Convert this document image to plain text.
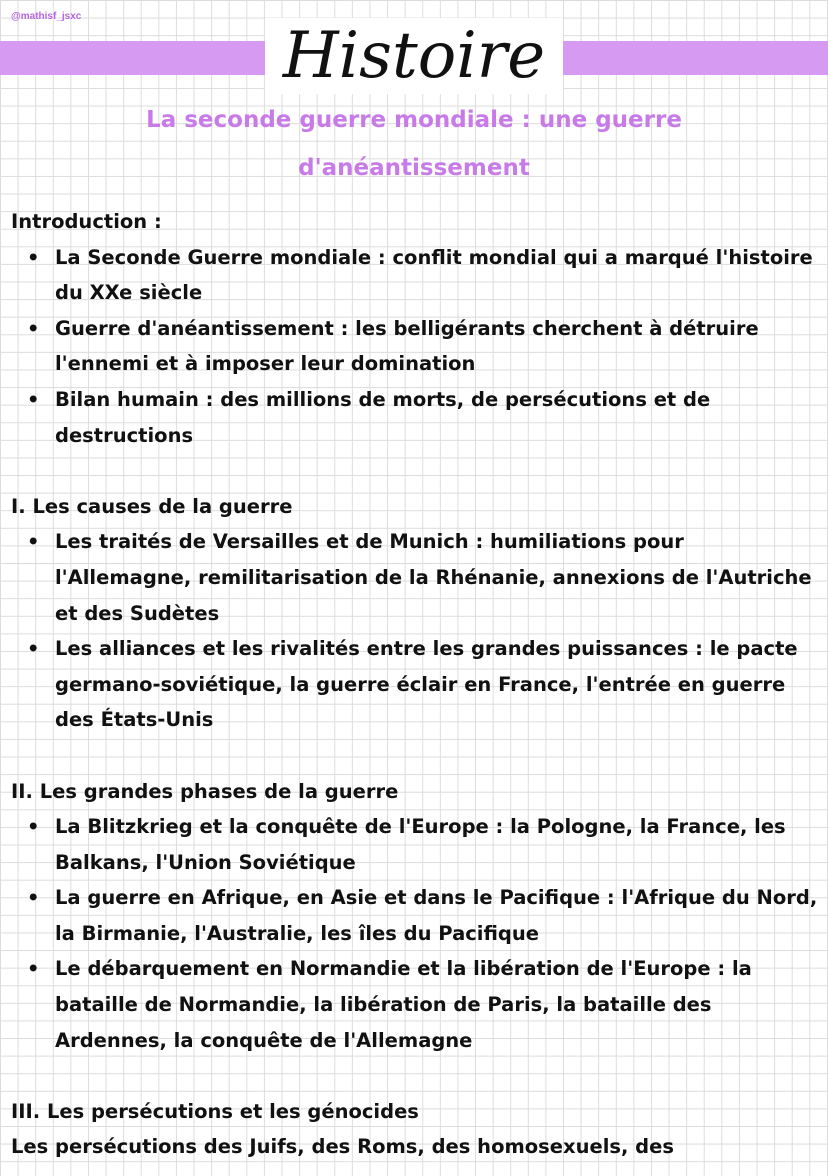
@mathisf_jsxc
Histoire
La seconde guerre mondiale : une guerre d'anéantissement

Introduction :

• La Seconde Guerre mondiale : conflit mondial qui a marqué l'histoire du XXe siècle
• Guerre d'anéantissement : les belligérants cherchent à détruire l'ennemi et à imposer leur domination
• Bilan humain : des millions de morts, de persécutions et de destructions

I. Les causes de la guerre

• Les traités de Versailles et de Munich : humiliations pour l'Allemagne, remilitarisation de la Rhénanie, annexions de l'Autriche et des Sudètes
• Les alliances et les rivalités entre les grandes puissances : le pacte germano-soviétique, la guerre éclair en France, l'entrée en guerre des États-Unis

II. Les grandes phases de la guerre

• La Blitzkrieg et la conquête de l'Europe : la Pologne, la France, les Balkans, l'Union Soviétique
• La guerre en Afrique, en Asie et dans le Pacifique : l'Afrique du Nord, la Birmanie, l'Australie, les îles du Pacifique
• Le débarquement en Normandie et la libération de l'Europe : la bataille de Normandie, la libération de Paris, la bataille des Ardennes, la conquête de l'Allemagne

III. Les persécutions et les génocides

Les persécutions des Juifs, des Roms, des homosexuels, des
